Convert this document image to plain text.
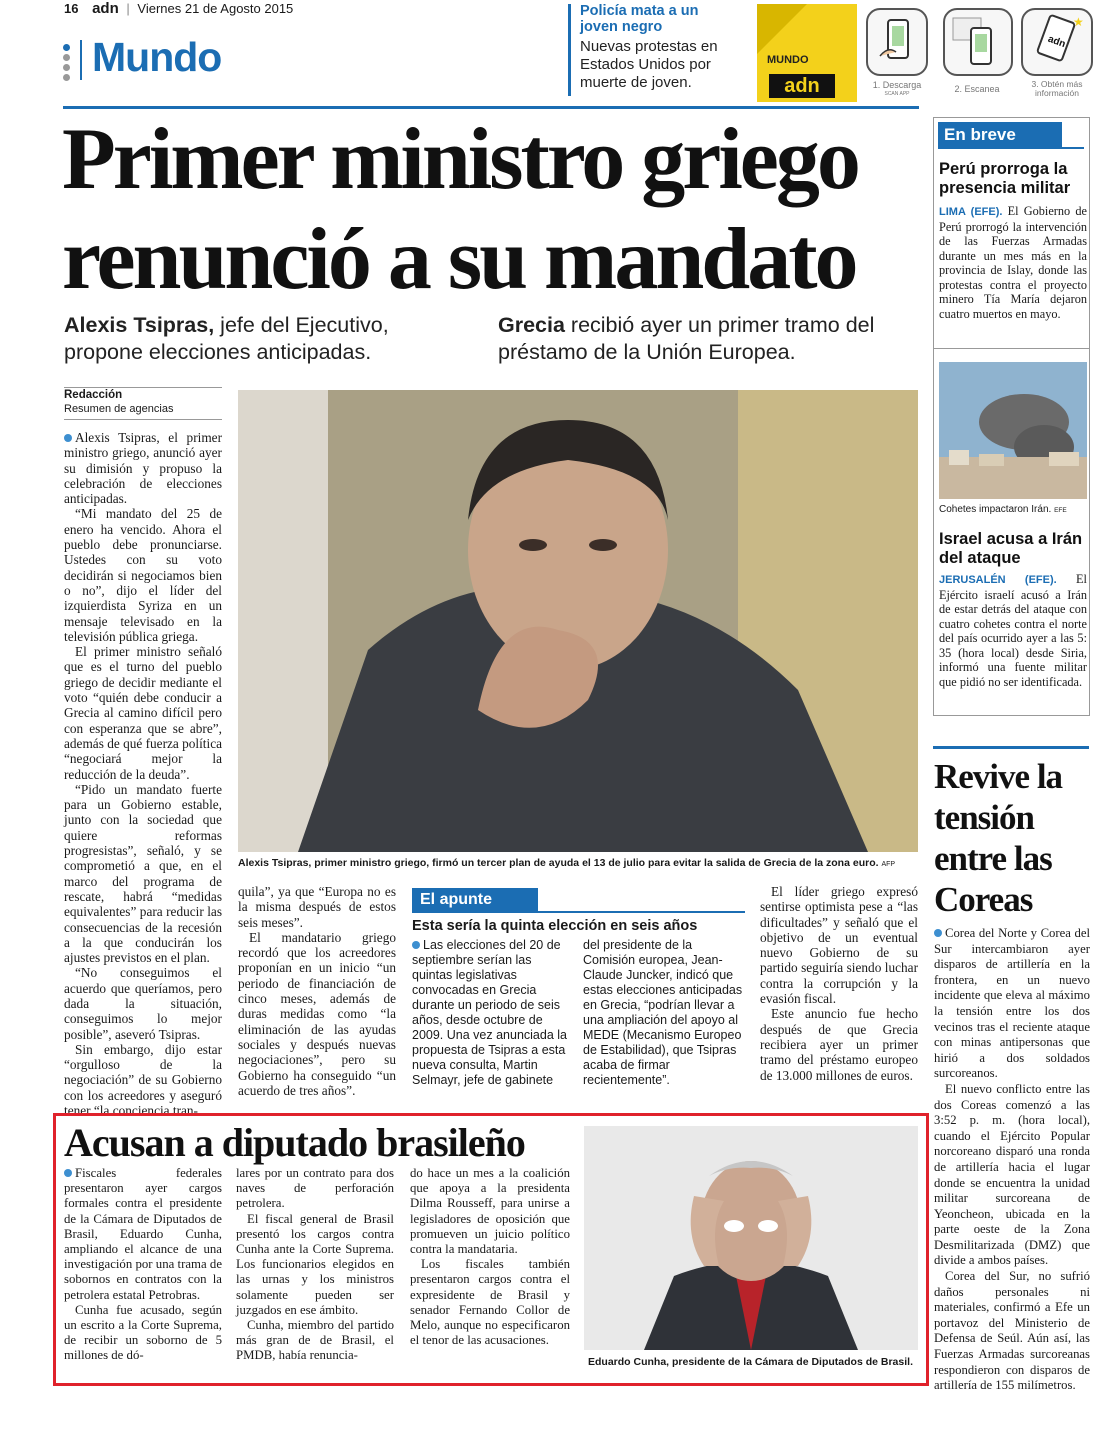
16 adn | Viernes 21 de Agosto 2015
Mundo
Policía mata a un joven negro
Nuevas protestas en Estados Unidos por muerte de joven.
MUNDO
adn	1. Descarga
SCAN APP	2. Escanea
adn
★
3. Obtén más información
Primer ministro griego
renunció a su mandato
Alexis Tsipras, jefe del Ejecutivo, propone elecciones anticipadas.
Grecia recibió ayer un primer tramo del préstamo de la Unión Europea.
Redacción
Resumen de agencias

Alexis Tsipras, el primer ministro griego, anunció ayer su dimisión y propuso la celebración de elecciones anticipadas.

“Mi mandato del 25 de enero ha vencido. Ahora el pueblo debe pronunciarse. Ustedes con su voto decidirán si negociamos bien o no”, dijo el líder del izquierdista Syriza en un mensaje televisado en la televisión pública griega.

El primer ministro señaló que es el turno del pueblo griego de decidir mediante el voto “quién debe conducir a Grecia al camino difícil pero con esperanza que se abre”, además de qué fuerza política “negociará mejor la reducción de la deuda”.

“Pido un mandato fuerte para un Gobierno estable, junto con la sociedad que quiere reformas progresistas”, señaló, y se comprometió a que, en el marco del programa de rescate, habrá “medidas equivalentes” para reducir las consecuencias de la recesión a la que conducirán los ajustes previstos en el plan.

“No conseguimos el acuerdo que queríamos, pero dada la situación, conseguimos lo mejor posible”, aseveró Tsipras.

Sin embargo, dijo estar “orgulloso de la negociación” de su Gobierno con los acreedores y aseguró tener “la conciencia tran-

Alexis Tsipras, primer ministro griego, firmó un tercer plan de ayuda el 13 de julio para evitar la salida de Grecia de la zona euro. AFP

quila”, ya que “Europa no es la misma después de estos seis meses”.

El mandatario griego recordó que los acreedores proponían en un inicio “un periodo de financiación de cinco meses, además de duras medidas como “la eliminación de las ayudas sociales y después nuevas negociaciones”, pero su Gobierno ha conseguido “un acuerdo de tres años”.

El apunte
Esta sería la quinta elección en seis años
Las elecciones del 20 de septiembre serían las quintas legislativas convocadas en Grecia durante un periodo de seis años, desde octubre de 2009. Una vez anunciada la propuesta de Tsipras a esta nueva consulta, Martin Selmayr, jefe de gabinete
del presidente de la Comisión europea, Jean-Claude Juncker, indicó que estas elecciones anticipadas en Grecia, “podrían llevar a una ampliación del apoyo al MEDE (Mecanismo Europeo de Estabilidad), que Tsipras acaba de firmar recientemente”.

El líder griego expresó sentirse optimista pese a “las dificultades” y señaló que el objetivo de un eventual nuevo Gobierno de su partido seguiría siendo luchar contra la corrupción y la evasión fiscal.

Este anuncio fue hecho después de que Grecia recibiera ayer un primer tramo del préstamo europeo de 13.000 millones de euros.

En breve
Perú prorroga la presencia militar
LIMA (EFE). El Gobierno de Perú prorrogó la intervención de las Fuerzas Armadas durante un mes más en la provincia de Islay, donde las protestas contra el proyecto minero Tía María dejaron cuatro muertos en mayo.
Cohetes impactaron Irán. EFE
Israel acusa a Irán del ataque
JERUSALÉN (EFE). El Ejército israelí acusó a Irán de estar detrás del ataque con cuatro cohetes contra el norte del país ocurrido ayer a las 5: 35 (hora local) desde Siria, informó una fuente militar que pidió no ser identificada.
Revive la
tensión
entre las
Coreas

Corea del Norte y Corea del Sur intercambiaron ayer disparos de artillería en la frontera, en un nuevo incidente que eleva al máximo la tensión entre los dos vecinos tras el reciente ataque con minas antipersonas que hirió a dos soldados surcoreanos.

El nuevo conflicto entre las dos Coreas comenzó a las 3:52 p. m. (hora local), cuando el Ejército Popular norcoreano disparó una ronda de artillería hacia el lugar donde se encuentra la unidad militar surcoreana de Yeoncheon, ubicada en la parte oeste de la Zona Desmilitarizada (DMZ) que divide a ambos países.

Corea del Sur, no sufrió daños personales ni materiales, confirmó a Efe un portavoz del Ministerio de Defensa de Seúl. Aún así, las Fuerzas Armadas surcoreanas respondieron con disparos de artillería de 155 milímetros.

Acusan a diputado brasileño

Fiscales federales presentaron ayer cargos formales contra el presidente de la Cámara de Diputados de Brasil, Eduardo Cunha, ampliando el alcance de una investigación por una trama de sobornos en contratos con la petrolera estatal Petrobras.

Cunha fue acusado, según un escrito a la Corte Suprema, de recibir un soborno de 5 millones de dó-

lares por un contrato para dos naves de perforación petrolera.

El fiscal general de Brasil presentó los cargos contra Cunha ante la Corte Suprema. Los funcionarios elegidos en las urnas y los ministros solamente pueden ser juzgados en ese ámbito.

Cunha, miembro del partido más gran de de Brasil, el PMDB, había renuncia-

do hace un mes a la coalición que apoya a la presidenta Dilma Rousseff, para unirse a legisladores de oposición que promueven un juicio político contra la mandataria.

Los fiscales también presentaron cargos contra el expresidente de Brasil y senador Fernando Collor de Melo, aunque no especificaron el tenor de las acusaciones.

Eduardo Cunha, presidente de la Cámara de Diputados de Brasil.
